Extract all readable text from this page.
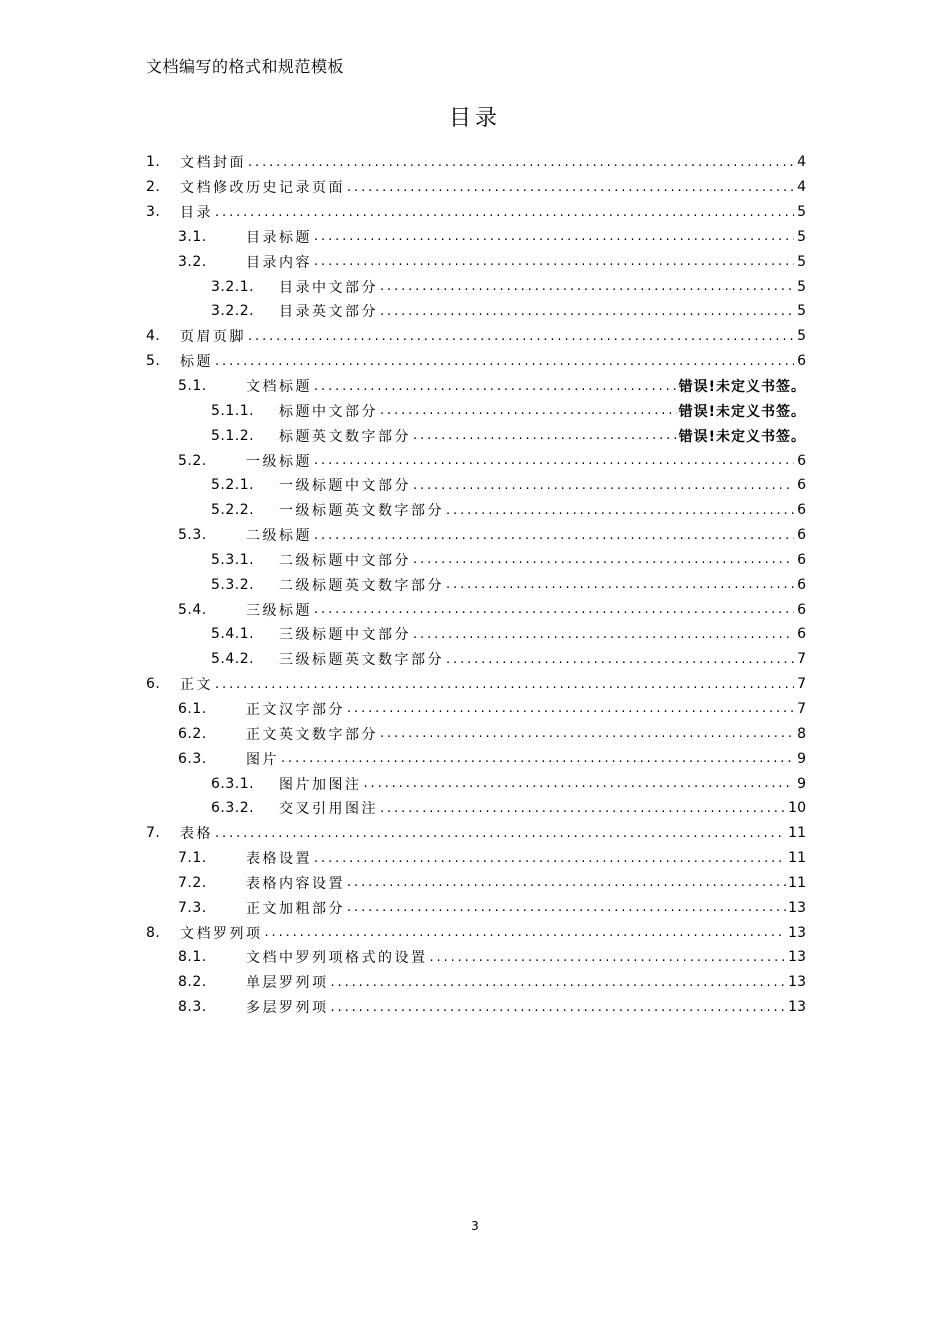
文档编写的格式和规范模板
目录
1.	文档封面 .....	4
2.	文档修改历史记录页面 .....	4
3.	目录 .....	5
3.1.	目录标题 .....	5
3.2.	目录内容 .....	5
3.2.1.	目录中文部分 .....	5
3.2.2.	目录英文部分 .....	5
4.	页眉页脚 .....	5
5.	标题 .....	6
5.1.	文档标题 .....	错误!未定义书签。
5.1.1.	标题中文部分 .....	错误!未定义书签。
5.1.2.	标题英文数字部分 .....	错误!未定义书签。
5.2.	一级标题 .....	6
5.2.1.	一级标题中文部分 .....	6
5.2.2.	一级标题英文数字部分 .....	6
5.3.	二级标题 .....	6
5.3.1.	二级标题中文部分 .....	6
5.3.2.	二级标题英文数字部分 .....	6
5.4.	三级标题 .....	6
5.4.1.	三级标题中文部分 .....	6
5.4.2.	三级标题英文数字部分 .....	7
6.	正文 .....	7
6.1.	正文汉字部分 .....	7
6.2.	正文英文数字部分 .....	8
6.3.	图片 .....	9
6.3.1.	图片加图注 .....	9
6.3.2.	交叉引用图注 .....	10
7.	表格 .....	11
7.1.	表格设置 .....	11
7.2.	表格内容设置 .....	11
7.3.	正文加粗部分 .....	13
8.	文档罗列项 .....	13
8.1.	文档中罗列项格式的设置 .....	13
8.2.	单层罗列项 .....	13
8.3.	多层罗列项 .....	13
3
